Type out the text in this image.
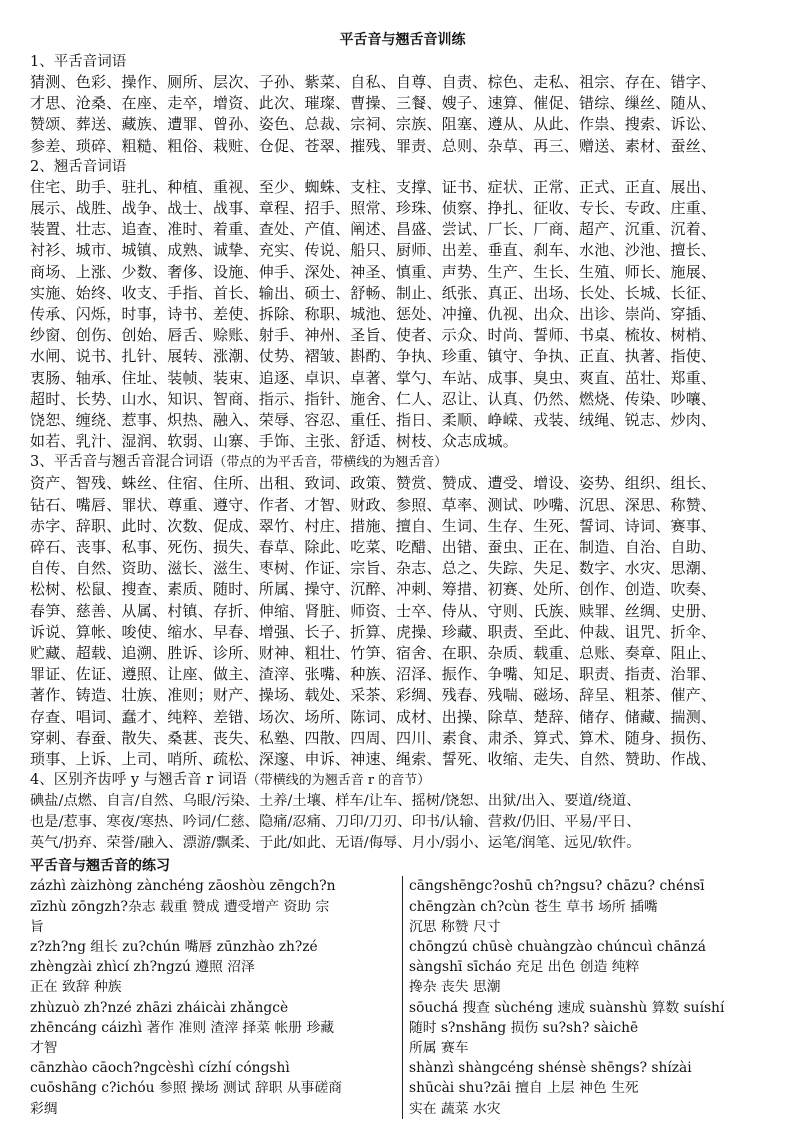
平舌音与翘舌音训练
1、平舌音词语
猜测、色彩、操作、厕所、层次、子孙、紫菜、自私、自尊、自责、棕色、走私、祖宗、存在、错字、
才思、沧桑、在座、走卒，增资、此次、璀璨、曹操、三餐、嫂子、速算、催促、错综、缫丝、随从、
赞颂、葬送、藏族、遭罪、曾孙、姿色、总裁、宗祠、宗族、阻塞、遵从、从此、作祟、搜索、诉讼、
参差、琐碎、粗糙、粗俗、栽赃、仓促、苍翠、摧残、罪责、总则、杂草、再三、赠送、素材、蚕丝、
2、翘舌音词语
住宅、助手、驻扎、种植、重视、至少、蜘蛛、支柱、支撑、证书、症状、正常、正式、正直、展出、
展示、战胜、战争、战士、战事、章程、招手、照常、珍珠、侦察、挣扎、征收、专长、专政、庄重、
装置、壮志、追查、准时、着重、查处、产值、阐述、昌盛、尝试、厂长、厂商、超产、沉重、沉着、
衬衫、城市、城镇、成熟、诚挚、充实、传说、船只、厨师、出差、垂直、刹车、水池、沙池、擅长、
商场、上涨、少数、奢侈、设施、伸手、深处、神圣、慎重、声势、生产、生长、生殖、师长、施展、
实施、始终、收支、手指、首长、输出、硕士、舒畅、制止、纸张、真正、出场、长处、长城、长征、
传承、闪烁，时事，诗书、差使、拆除、称职、城池、惩处、冲撞、仇视、出众、出诊、崇尚、穿插、
纱窗、创伤、创始、唇舌、赊账、射手、神州、圣旨、使者、示众、时尚、誓师、书桌、梳妆、树梢、
水闸、说书、扎针、展转、涨潮、仗势、褶皱、斟酌、争执、珍重、镇守、争执、正直、执著、指使、
衷肠、轴承、住址、装帧、装束、追逐、卓识、卓著、掌勺、车站、成事、臭虫、爽直、茁壮、郑重、
超时、长势、山水、知识、智商、指示、指针、施舍、仁人、忍让、认真、仍然、燃烧、传染、吵嚷、
饶恕、缠绕、惹事、炽热、融入、荣辱、容忍、重任、指日、柔顺、峥嵘、戎装、绒绳、锐志、炒肉、
如若、乳汁、湿润、软弱、山寨、手饰、主张、舒适、树枝、众志成城。
3、平舌音与翘舌音混合词语（带点的为平舌音，带横线的为翘舌音）
资产、智残、蛛丝、住宿、住所、出租、致词、政策、赞赏、赞成、遭受、增设、姿势、组织、组长、
钻石、嘴唇、罪状、尊重、遵守、作者、才智、财政、参照、草率、测试、吵嘴、沉思、深思、称赞、
赤字、辞职、此时、次数、促成、翠竹、村庄、措施、擅自、生词、生存、生死、誓词、诗词、赛事、
碎石、丧事、私事、死伤、损失、春草、除此、吃菜、吃醋、出错、蚕虫、正在、制造、自治、自助、
自传、自然、资助、滋长、滋生、枣树、作证、宗旨、杂志、总之、失踪、失足、数字、水灾、思潮、
松树、松鼠、搜查、素质、随时、所属、操守、沉醉、冲刺、筹措、初赛、处所、创作、创造、吹奏、
春笋、慈善、从属、村镇、存折、伸缩、肾脏、师资、士卒、侍从、守则、氏族、赎罪、丝绸、史册、
诉说、算帐、唆使、缩水、早春、增强、长子、折算、虎操、珍藏、职责、至此、仲裁、诅咒、折伞、
贮藏、超载、追溯、胜诉、诊所、财神、粗壮、竹笋、宿舍、在职、杂质、载重、总账、奏章、阻止、
罪证、佐证、遵照、让座、做主、渣滓、张嘴、种族、沼泽、振作、争嘴、知足、职责、指责、治罪、
著作、铸造、壮族、准则；财产、操场、载处、采茶、彩绸、残春、残喘、磁场、辞呈、粗茶、催产、
存查、唱词、蠢才、纯粹、差错、场次、场所、陈词、成材、出操、除草、楚辞、储存、储藏、揣测、
穿刺、春蚕、散失、桑葚、丧失、私塾、四散、四周、四川、素食、肃杀、算式、算术、随身、损伤、
琐事、上诉、上司、哨所、疏松、深邃、申诉、神速、绳索、誓死、收缩、走失、自然、赞助、作战、
4、区别齐齿呼 y 与翘舌音 r 词语（带横线的为翘舌音 r 的音节）
碘盐/点燃、自言/自然、乌眼/污染、土养/土壤、样车/让车、摇树/饶恕、出狱/出入、要道/绕道、
也是/惹事、寒夜/寒热、吟词/仁慈、隐痛/忍痛、刀印/刀刃、印书/认输、营救/仍旧、平易/平日、
英气/扔弃、荣誉/融入、漂游/飘柔、于此/如此、无语/侮辱、月小/弱小、运笔/润笔、远见/软件。
平舌音与翘舌音的练习
zázhì zàizhòng zànchéng zāoshòu zēngch?n
zīzhù zōngzh?杂志 载重 赞成 遭受增产 资助 宗
旨
z?zh?ng 组长 zu?chún 嘴唇 zūnzhào zh?zé
zhèngzài zhìcí zh?ngzú 遵照 沼泽
正在 致辞 种族
zhùzuò zh?nzé zhāzi zháicài zhǎngcè
zhēncáng cáizhì 著作 准则 渣滓 择菜 帐册 珍藏
才智
cānzhào cāoch?ngcèshì cízhí cóngshì
cuōshāng c?ichóu 参照 操场 测试 辞职 从事磋商
彩绸
cāngshēngc?oshū ch?ngsu? chāzu? chénsī
chēngzàn ch?cùn 苍生 草书 场所 插嘴
沉思 称赞 尺寸
chōngzú chūsè chuàngzào chúncuì chānzá
sàngshī sīcháo 充足 出色 创造 纯粹
搀杂 丧失 思潮
sōuchá 搜查 sùchéng 速成 suànshù 算数 suíshí
随时 s?nshāng 损伤 su?sh? sàichē
所属 赛车
shànzì shàngcéng shénsè shēngs? shízài
shūcài shu?zāi 擅自 上层 神色 生死
实在 蔬菜 水灾
